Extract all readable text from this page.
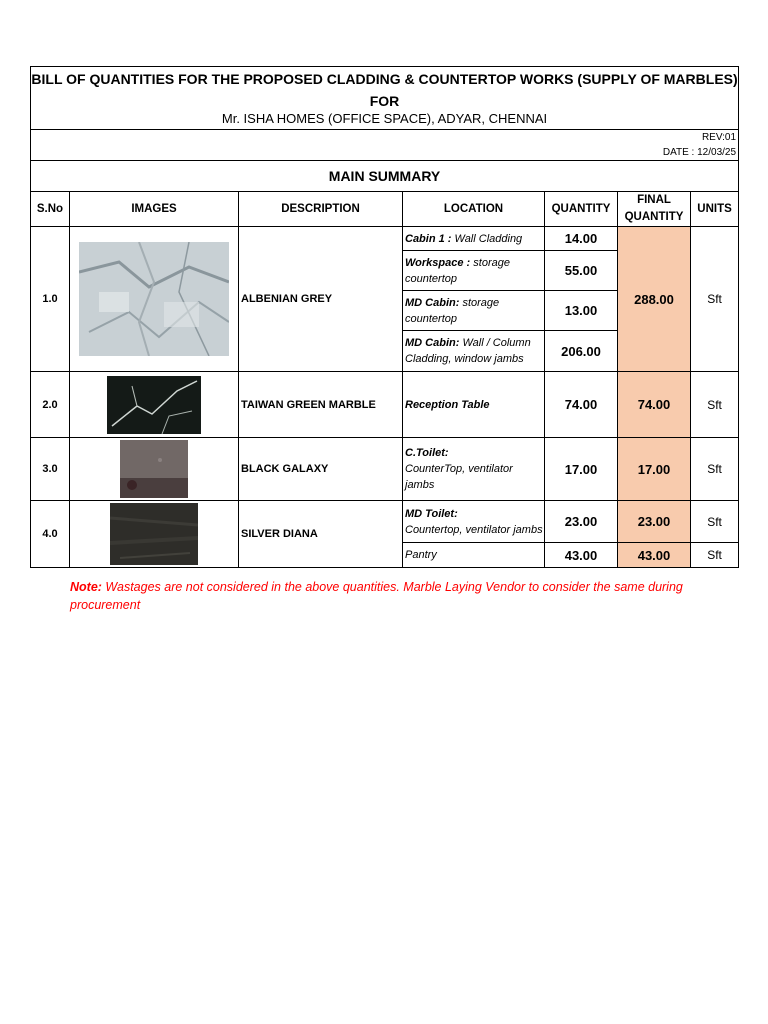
BILL OF QUANTITIES FOR THE PROPOSED CLADDING & COUNTERTOP WORKS (SUPPLY OF MARBLES)
FOR
Mr. ISHA HOMES (OFFICE SPACE), ADYAR, CHENNAI						

REV:01
DATE : 12/03/25						

MAIN SUMMARY						
S.No	IMAGES	DESCRIPTION	LOCATION	QUANTITY	FINAL
QUANTITY	UNITS
1.0		ALBENIAN GREY	Cabin 1 : Wall Cladding	14.00	288.00	Sft
			Workspace : storage countertop	55.00		
			MD Cabin: storage countertop	13.00		
			MD Cabin: Wall / Column Cladding, window jambs	206.00		
2.0		TAIWAN GREEN MARBLE	Reception Table	74.00	74.00	Sft
3.0		BLACK GALAXY	C.Toilet:
CounterTop, ventilator jambs	17.00	17.00	Sft
4.0		SILVER DIANA	MD Toilet:
Countertop, ventilator jambs	23.00	23.00	Sft
			Pantry	43.00	43.00	Sft
Note: Wastages are not considered in the above quantities. Marble Laying Vendor to consider the same during procurement
